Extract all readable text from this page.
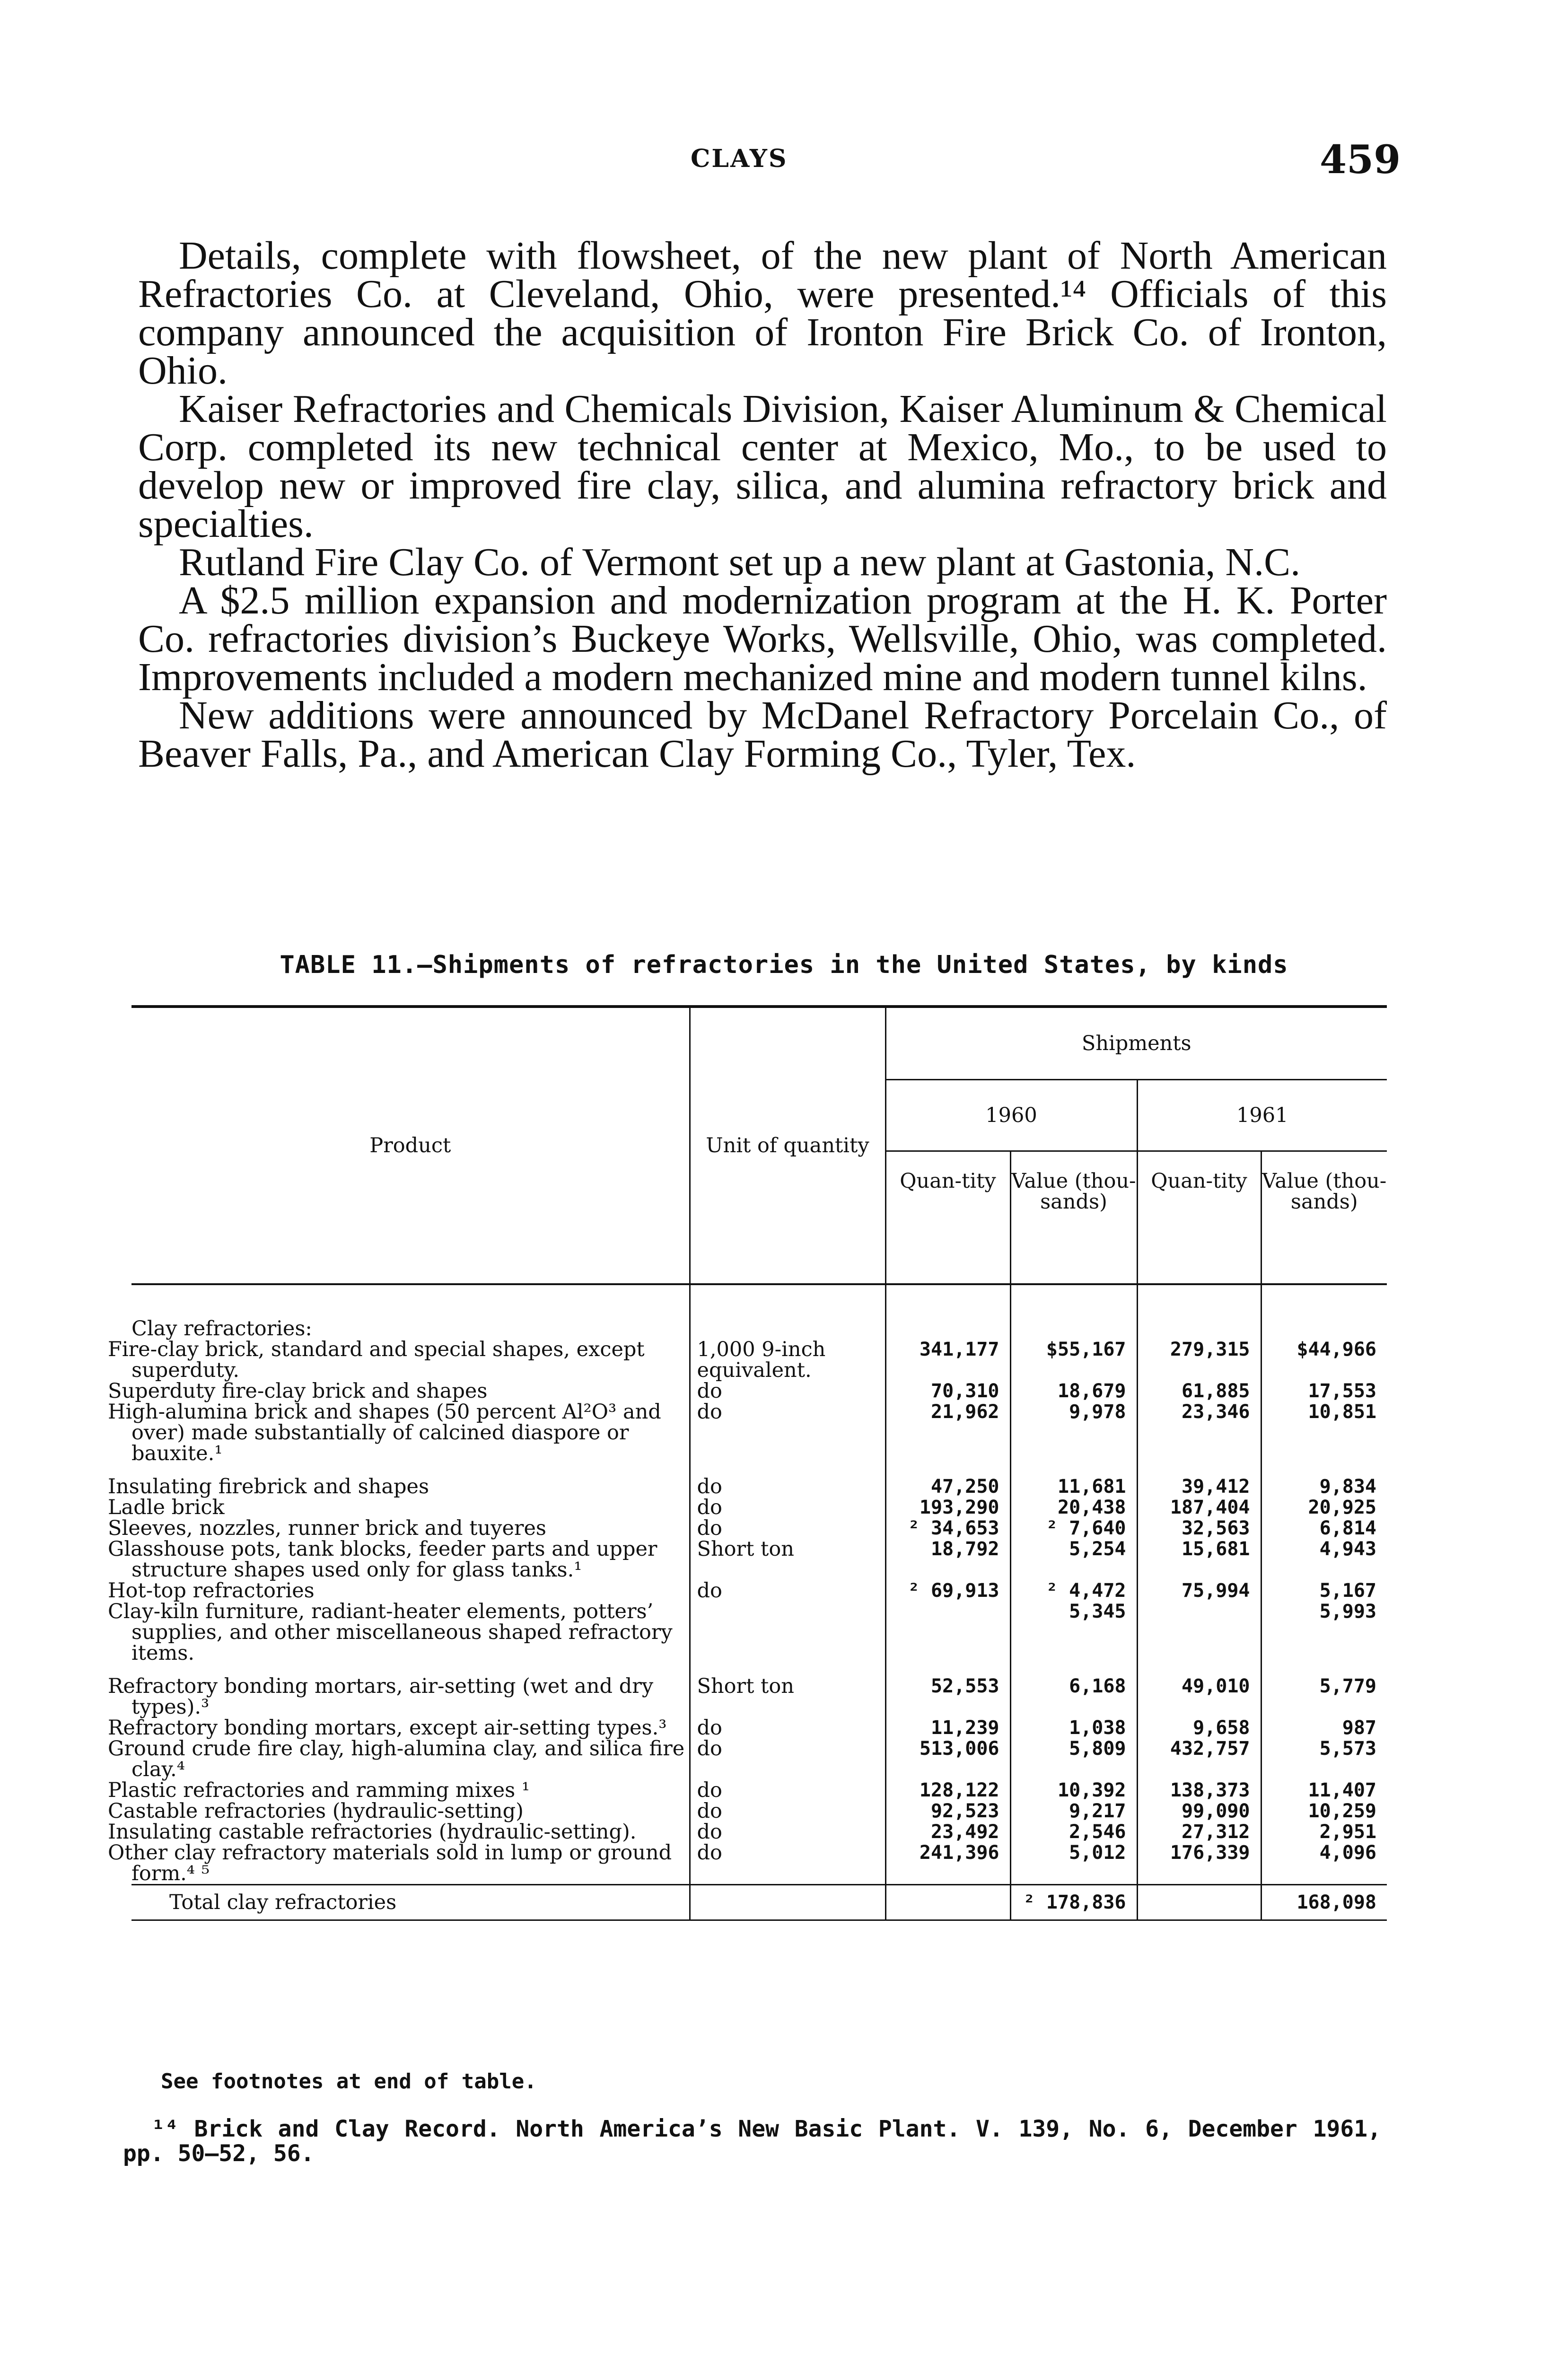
CLAYS	459

Details, complete with flowsheet, of the new plant of North American Refractories Co. at Cleveland, Ohio, were presented.¹⁴ Officials of this company announced the acquisition of Ironton Fire Brick Co. of Ironton, Ohio.

Kaiser Refractories and Chemicals Division, Kaiser Aluminum & Chemical Corp. completed its new technical center at Mexico, Mo., to be used to develop new or improved fire clay, silica, and alumina refractory brick and specialties.

Rutland Fire Clay Co. of Vermont set up a new plant at Gastonia, N.C.

A $2.5 million expansion and modernization program at the H. K. Porter Co. refractories division’s Buckeye Works, Wellsville, Ohio, was completed. Improvements included a modern mechanized mine and modern tunnel kilns.

New additions were announced by McDanel Refractory Porcelain Co., of Beaver Falls, Pa., and American Clay Forming Co., Tyler, Tex.

TABLE 11.—Shipments of refractories in the United States, by kinds
Product	Unit of quantity	Shipments			
		1960		1961	
		Quan-tity	Value (thou-sands)	Quan-tity	Value (thou-sands)
Clay refractories:					
Fire-clay brick, standard and special shapes, except superduty.	1,000 9-inch equivalent.	341,177	$55,167	279,315	$44,966
Superduty fire-clay brick and shapes	do	70,310	18,679	61,885	17,553
High-alumina brick and shapes (50 percent Al²O³ and over) made substantially of calcined diaspore or bauxite.¹	do	21,962	9,978	23,346	10,851
Insulating firebrick and shapes	do	47,250	11,681	39,412	9,834
Ladle brick	do	193,290	20,438	187,404	20,925
Sleeves, nozzles, runner brick and tuyeres	do	² 34,653	² 7,640	32,563	6,814
Glasshouse pots, tank blocks, feeder parts and upper structure shapes used only for glass tanks.¹	Short ton	18,792	5,254	15,681	4,943
Hot-top refractories	do	² 69,913	² 4,472	75,994	5,167
Clay-kiln furniture, radiant-heater elements, potters’ supplies, and other miscellaneous shaped refractory items.			5,345		5,993
Refractory bonding mortars, air-setting (wet and dry types).³	Short ton	52,553	6,168	49,010	5,779
Refractory bonding mortars, except air-setting types.³	do	11,239	1,038	9,658	987
Ground crude fire clay, high-alumina clay, and silica fire clay.⁴	do	513,006	5,809	432,757	5,573
Plastic refractories and ramming mixes ¹	do	128,122	10,392	138,373	11,407
Castable refractories (hydraulic-setting)	do	92,523	9,217	99,090	10,259
Insulating castable refractories (hydraulic-setting).	do	23,492	2,546	27,312	2,951
Other clay refractory materials sold in lump or ground form.⁴ ⁵	do	241,396	5,012	176,339	4,096
Total clay refractories			² 178,836		168,098
See footnotes at end of table.
¹⁴ Brick and Clay Record. North America’s New Basic Plant. V. 139, No. 6, December 1961, pp. 50–52, 56.
